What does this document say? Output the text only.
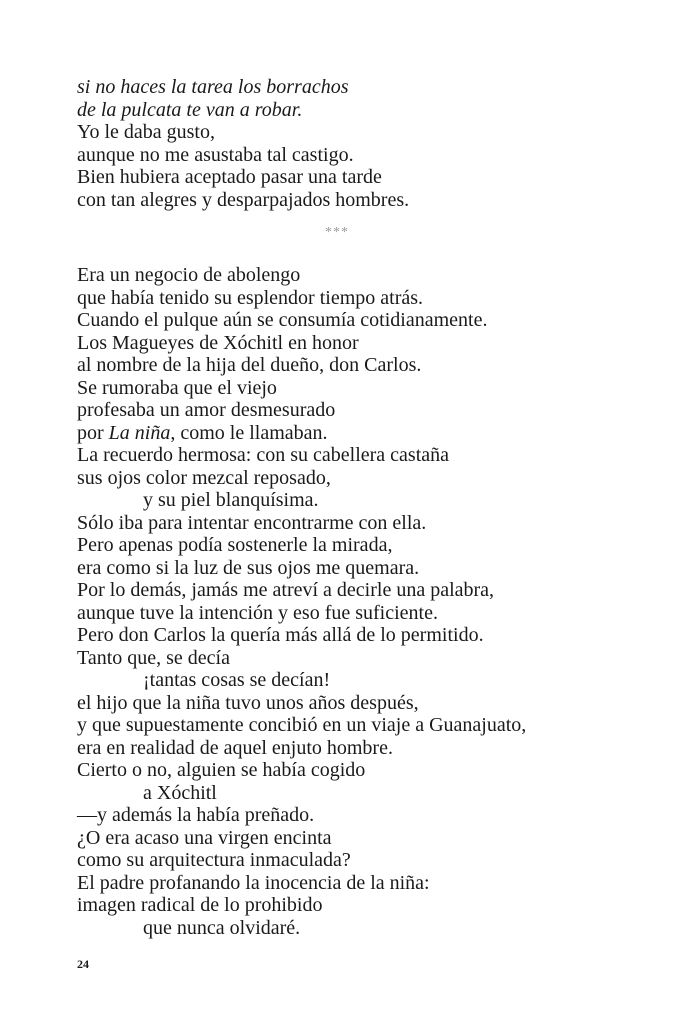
si no haces la tarea los borrachos
de la pulcata te van a robar.
Yo le daba gusto,
aunque no me asustaba tal castigo.
Bien hubiera aceptado pasar una tarde
con tan alegres y desparpajados hombres.
***
Era un negocio de abolengo
que había tenido su esplendor tiempo atrás.
Cuando el pulque aún se consumía cotidianamente.
Los Magueyes de Xóchitl en honor
al nombre de la hija del dueño, don Carlos.
Se rumoraba que el viejo
profesaba un amor desmesurado
por La niña, como le llamaban.
La recuerdo hermosa: con su cabellera castaña
sus ojos color mezcal reposado,
y su piel blanquísima.
Sólo iba para intentar encontrarme con ella.
Pero apenas podía sostenerle la mirada,
era como si la luz de sus ojos me quemara.
Por lo demás, jamás me atreví a decirle una palabra,
aunque tuve la intención y eso fue suficiente.
Pero don Carlos la quería más allá de lo permitido.
Tanto que, se decía
¡tantas cosas se decían!
el hijo que la niña tuvo unos años después,
y que supuestamente concibió en un viaje a Guanajuato,
era en realidad de aquel enjuto hombre.
Cierto o no, alguien se había cogido
a Xóchitl
—y además la había preñado.
¿O era acaso una virgen encinta
como su arquitectura inmaculada?
El padre profanando la inocencia de la niña:
imagen radical de lo prohibido
que nunca olvidaré.
24
